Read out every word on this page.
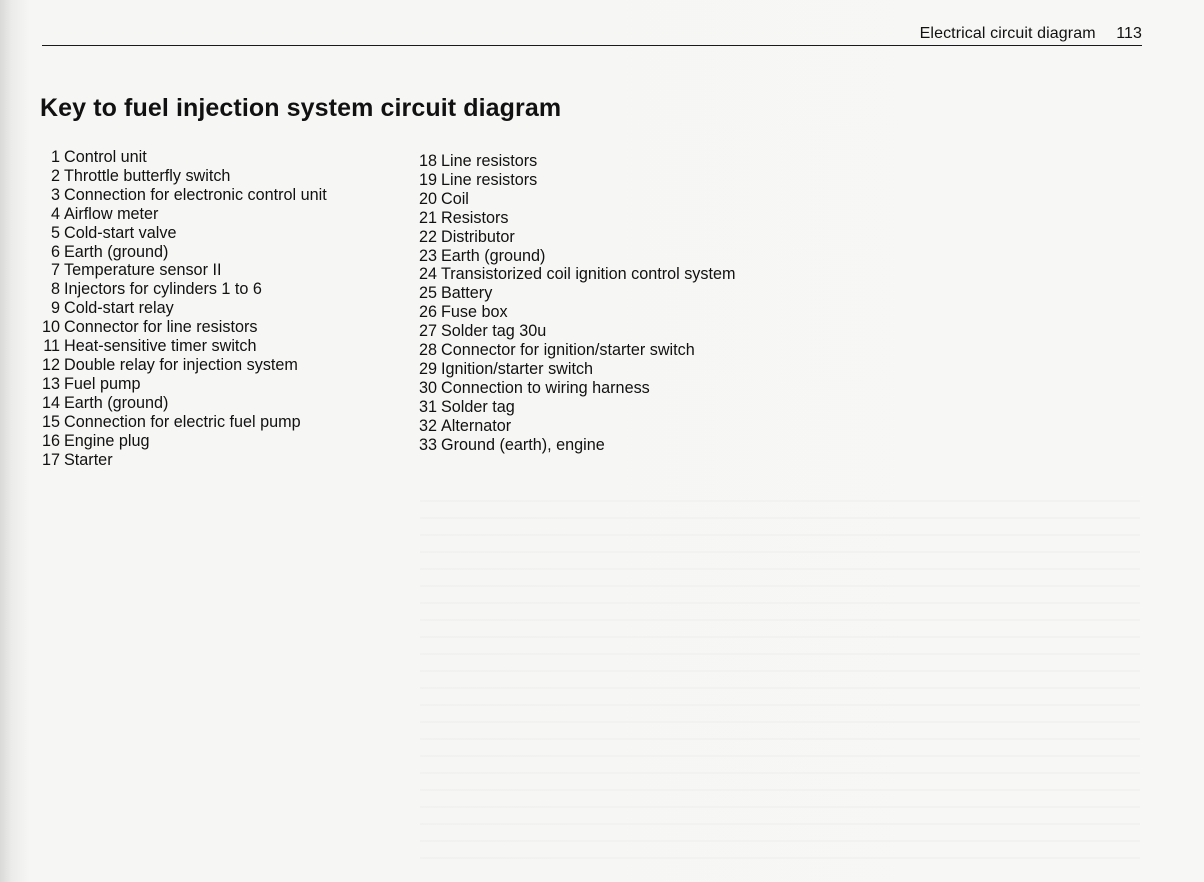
Electrical circuit diagram 113
Key to fuel injection system circuit diagram
1 Control unit
2 Throttle butterfly switch
3 Connection for electronic control unit
4 Airflow meter
5 Cold-start valve
6 Earth (ground)
7 Temperature sensor II
8 Injectors for cylinders 1 to 6
9 Cold-start relay
10 Connector for line resistors
11 Heat-sensitive timer switch
12 Double relay for injection system
13 Fuel pump
14 Earth (ground)
15 Connection for electric fuel pump
16 Engine plug
17 Starter
18 Line resistors
19 Line resistors
20 Coil
21 Resistors
22 Distributor
23 Earth (ground)
24 Transistorized coil ignition control system
25 Battery
26 Fuse box
27 Solder tag 30u
28 Connector for ignition/starter switch
29 Ignition/starter switch
30 Connection to wiring harness
31 Solder tag
32 Alternator
33 Ground (earth), engine
